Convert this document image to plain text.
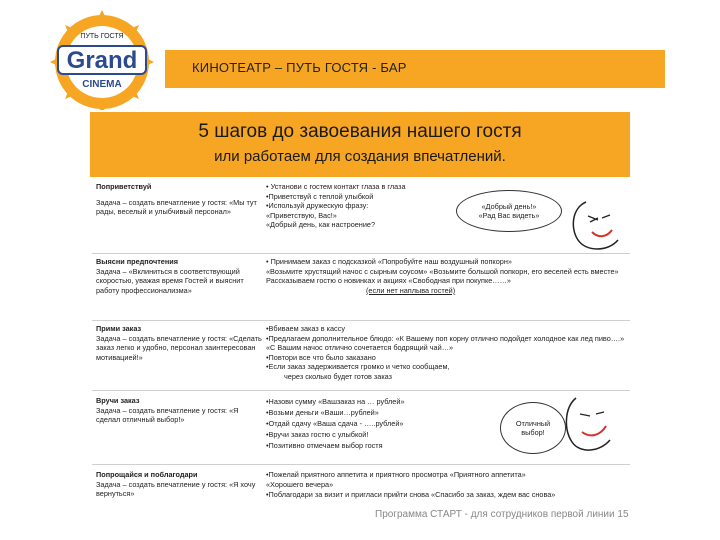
ПУТЬ ГОСТЯ
Grand
CINEMA
КИНОТЕАТР – ПУТЬ ГОСТЯ - БАР
5 шагов до завоевания нашего гостя
или работаем для создания впечатлений.
Поприветствуй
Задача – создать впечатление у гостя: «Мы тут рады, веселый и улыбчивый персонал»
• Установи с гостем контакт глаза в глаза
•Приветствуй с теплой улыбкой
•Используй дружескую фразу:
«Приветствую, Вас!»
«Добрый день, как настроение?
Выясни предпочтения
Задача – «Вклиниться в соответствующий скоростью, уважая время Гостей и выяснит работу профессионализма»
• Принимаем заказ с подсказкой «Попробуйте наш воздушный попкорн»
«Возьмите хрустящий начос с сырным соусом» «Возьмите большой попкорн, его веселей есть вместе»
Рассказываем гостю о новинках и акциях «Свободная при покупке……»
(если нет наплыва гостей)
Прими заказ
Задача – создать впечатление у гостя: «Сделать заказ легко и удобно, персонал заинтересован мотивацией!»
•Вбиваем заказ в кассу
•Предлагаем дополнительное блюдо: «К Вашему поп корну отлично подойдет холодное как лед пиво….» «С Вашим начос отлично сочетается бодрящий чай…»
•Повтори все что было заказано
•Если заказ задерживается громко и четко сообщаем,
через сколько будет готов заказ
Вручи заказ
Задача – создать впечатление у гостя: «Я сделал отличный выбор!»
•Назови сумму «Вашзаказ на … рублей»
•Возьми деньги «Ваши…рублей»
•Отдай сдачу «Ваша сдача - …..рублей»
•Вручи заказ гостю с улыбкой!
•Позитивно отмечаем выбор гостя
Попрощайся и поблагодари
Задача – создать впечатление у гостя: «Я хочу вернуться»
•Пожелай приятного аппетита и приятного просмотра «Приятного аппетита»
«Хорошего вечера»
•Поблагодари за визит и пригласи прийти снова «Спасибо за заказ, ждем вас снова»
«Добрый день!»
«Рад Вас видеть»
Отличный
выбор!
Программа СТАРТ - для сотрудников первой линии 15
